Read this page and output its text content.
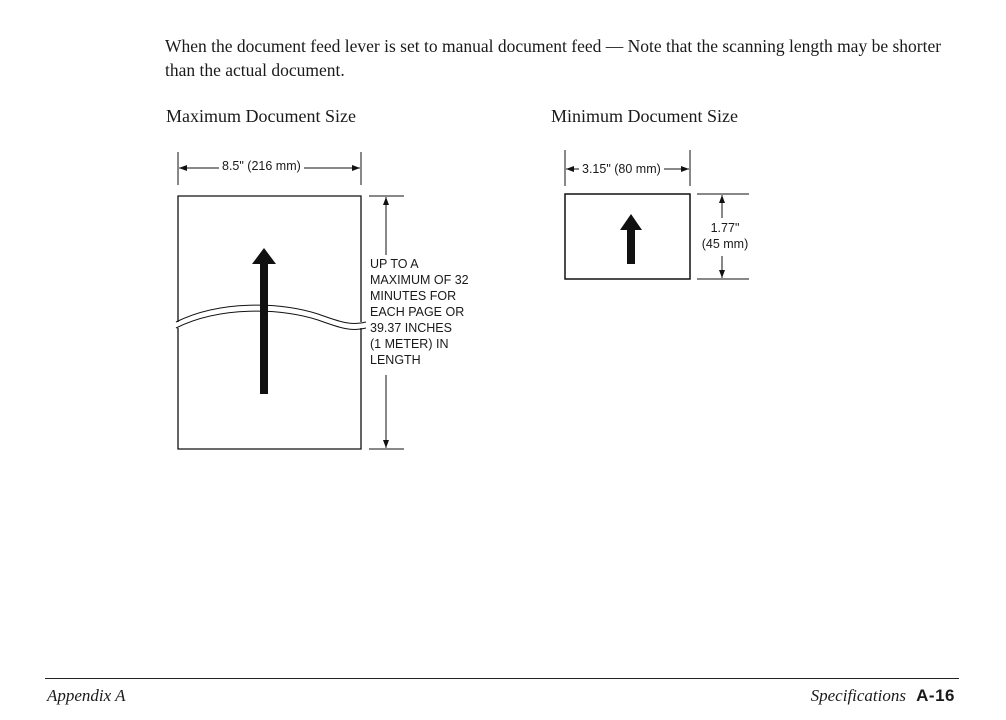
When the document feed lever is set to manual document feed — Note that the scanning length may be shorter than the actual document.

Maximum Document Size	Minimum Document Size
8.5" (216 mm)
UP TO A
MAXIMUM OF 32
MINUTES FOR
EACH PAGE OR
39.37 INCHES
(1 METER) IN
LENGTH
3.15" (80 mm)
1.77"
(45 mm)
Appendix A	Specifications A-16
